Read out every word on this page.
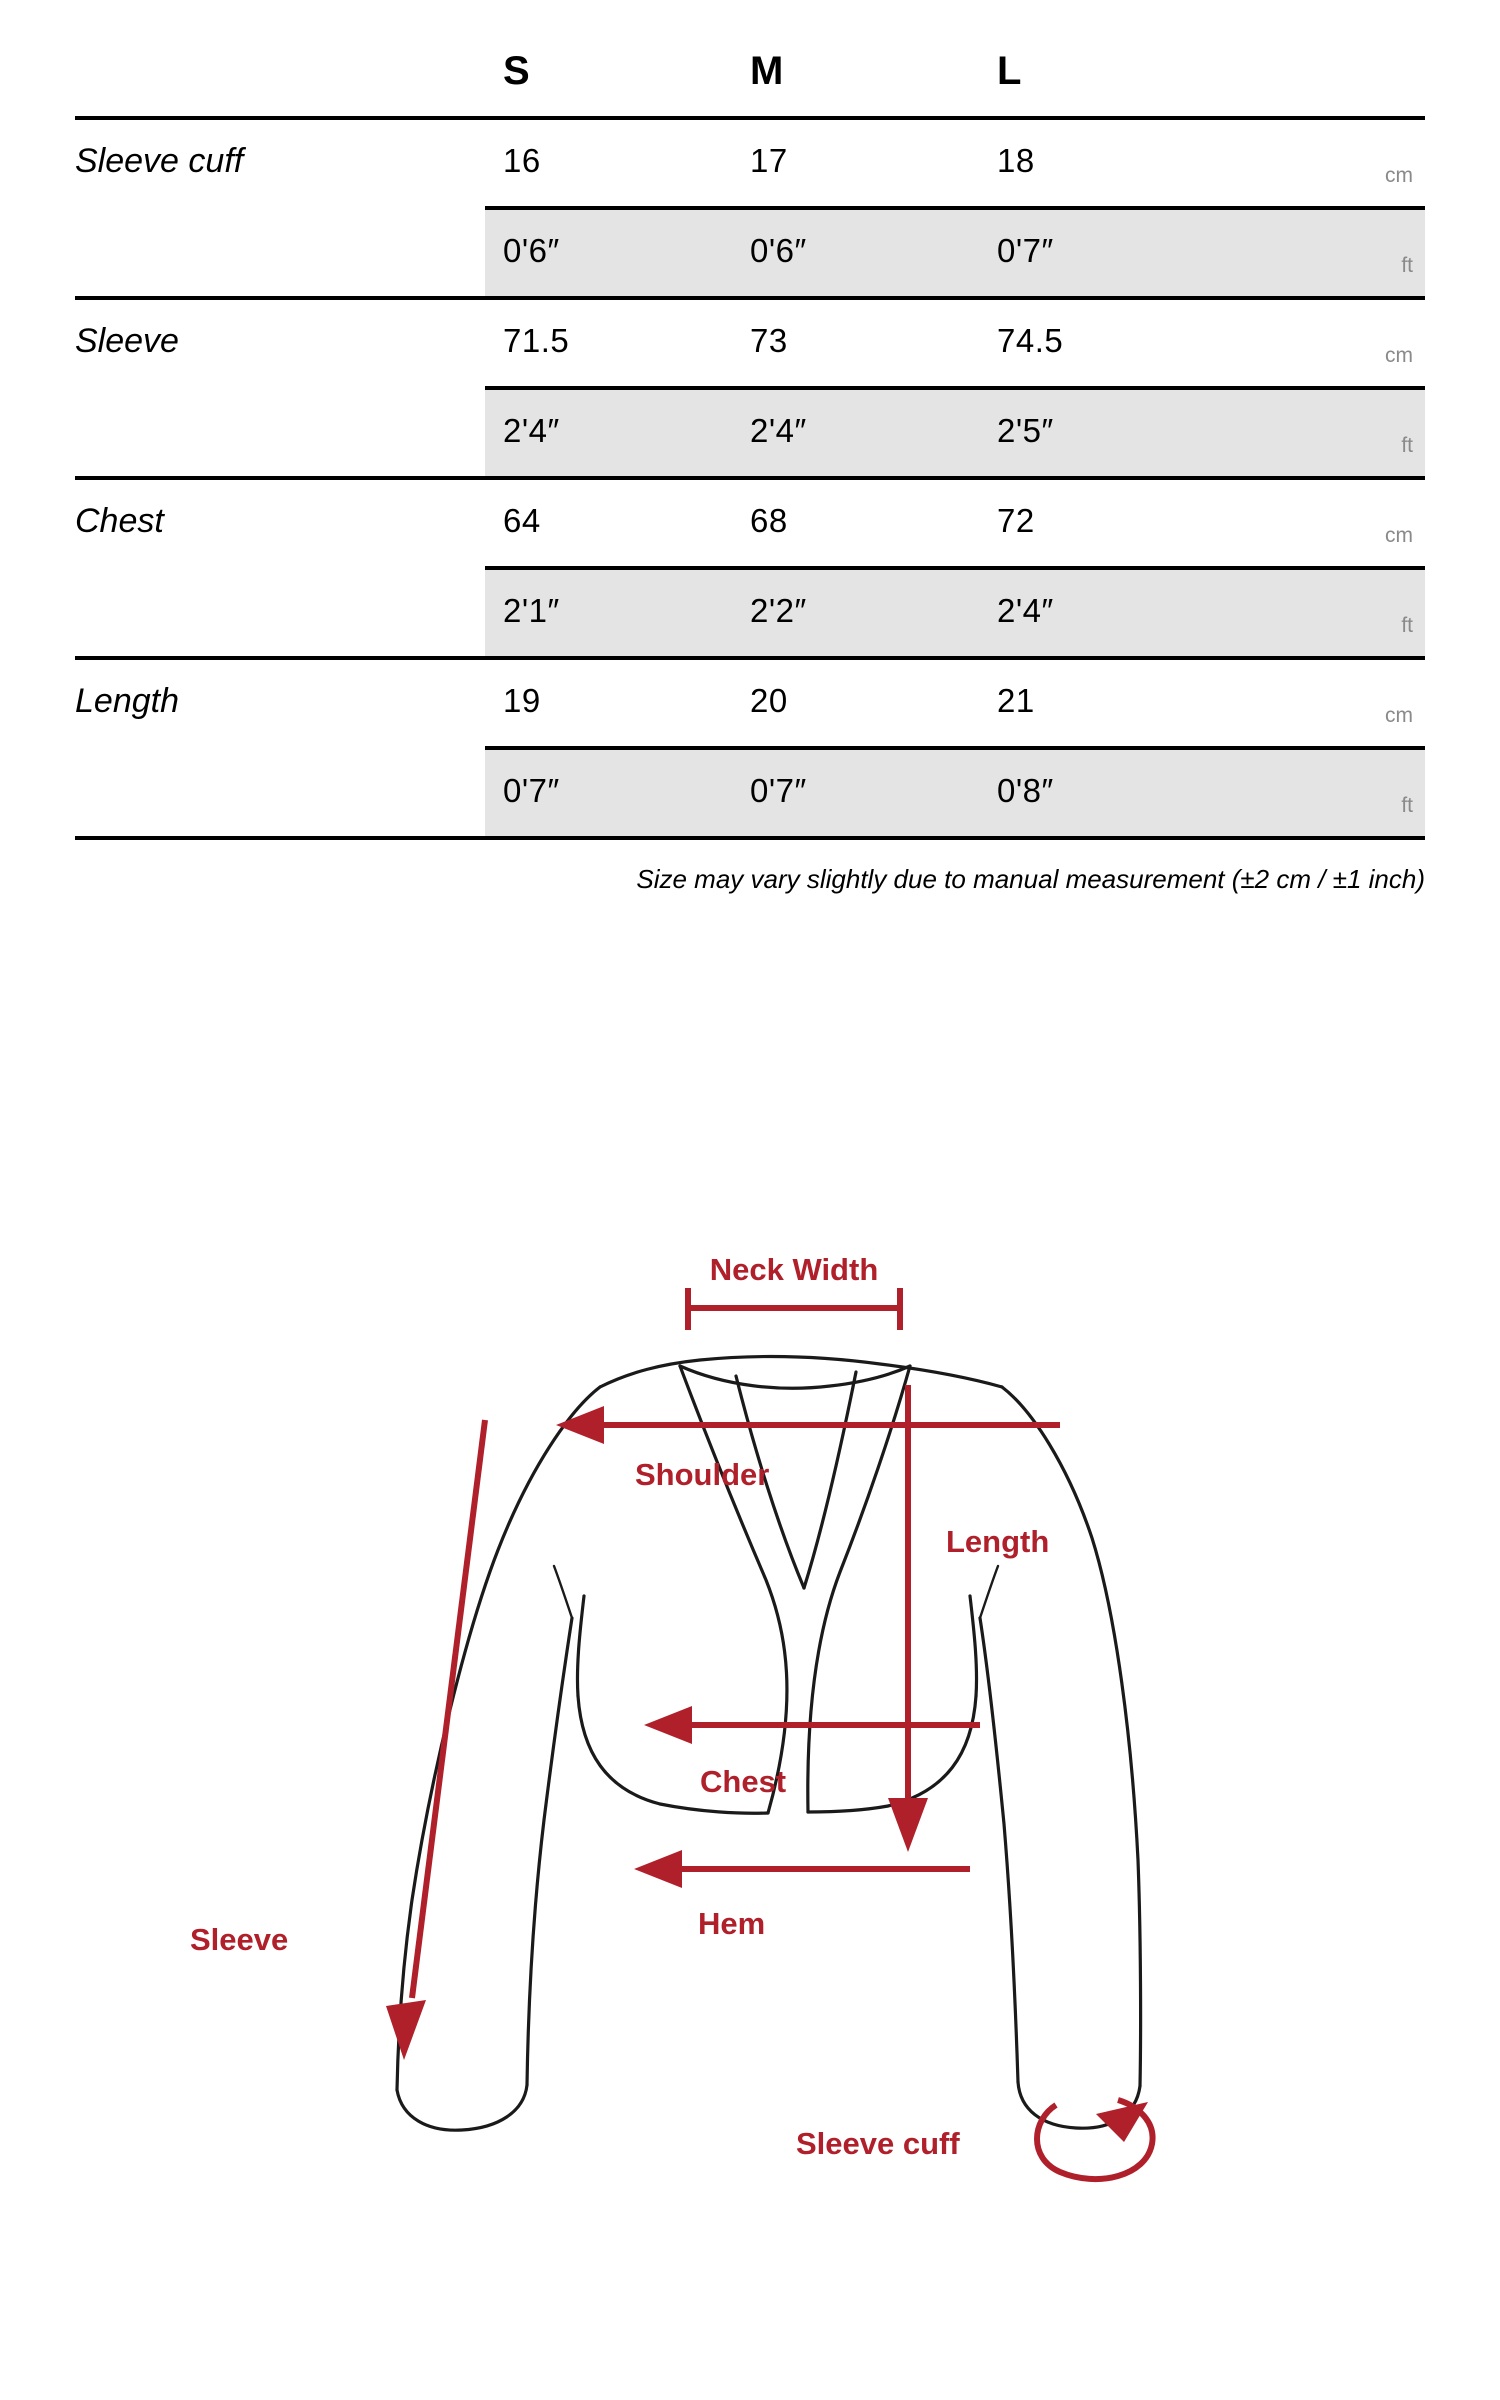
	S	M	L	
Sleeve cuff	16	17	18	cm
	0'6″	0'6″	0'7″	ft
Sleeve	71.5	73	74.5	cm
	2'4″	2'4″	2'5″	ft
Chest	64	68	72	cm
	2'1″	2'2″	2'4″	ft
Length	19	20	21	cm
	0'7″	0'7″	0'8″	ft

Size may vary slightly due to manual measurement (±2 cm / ±1 inch)
Neck Width
Shoulder
Length
Chest
Hem
Sleeve
Sleeve cuff
